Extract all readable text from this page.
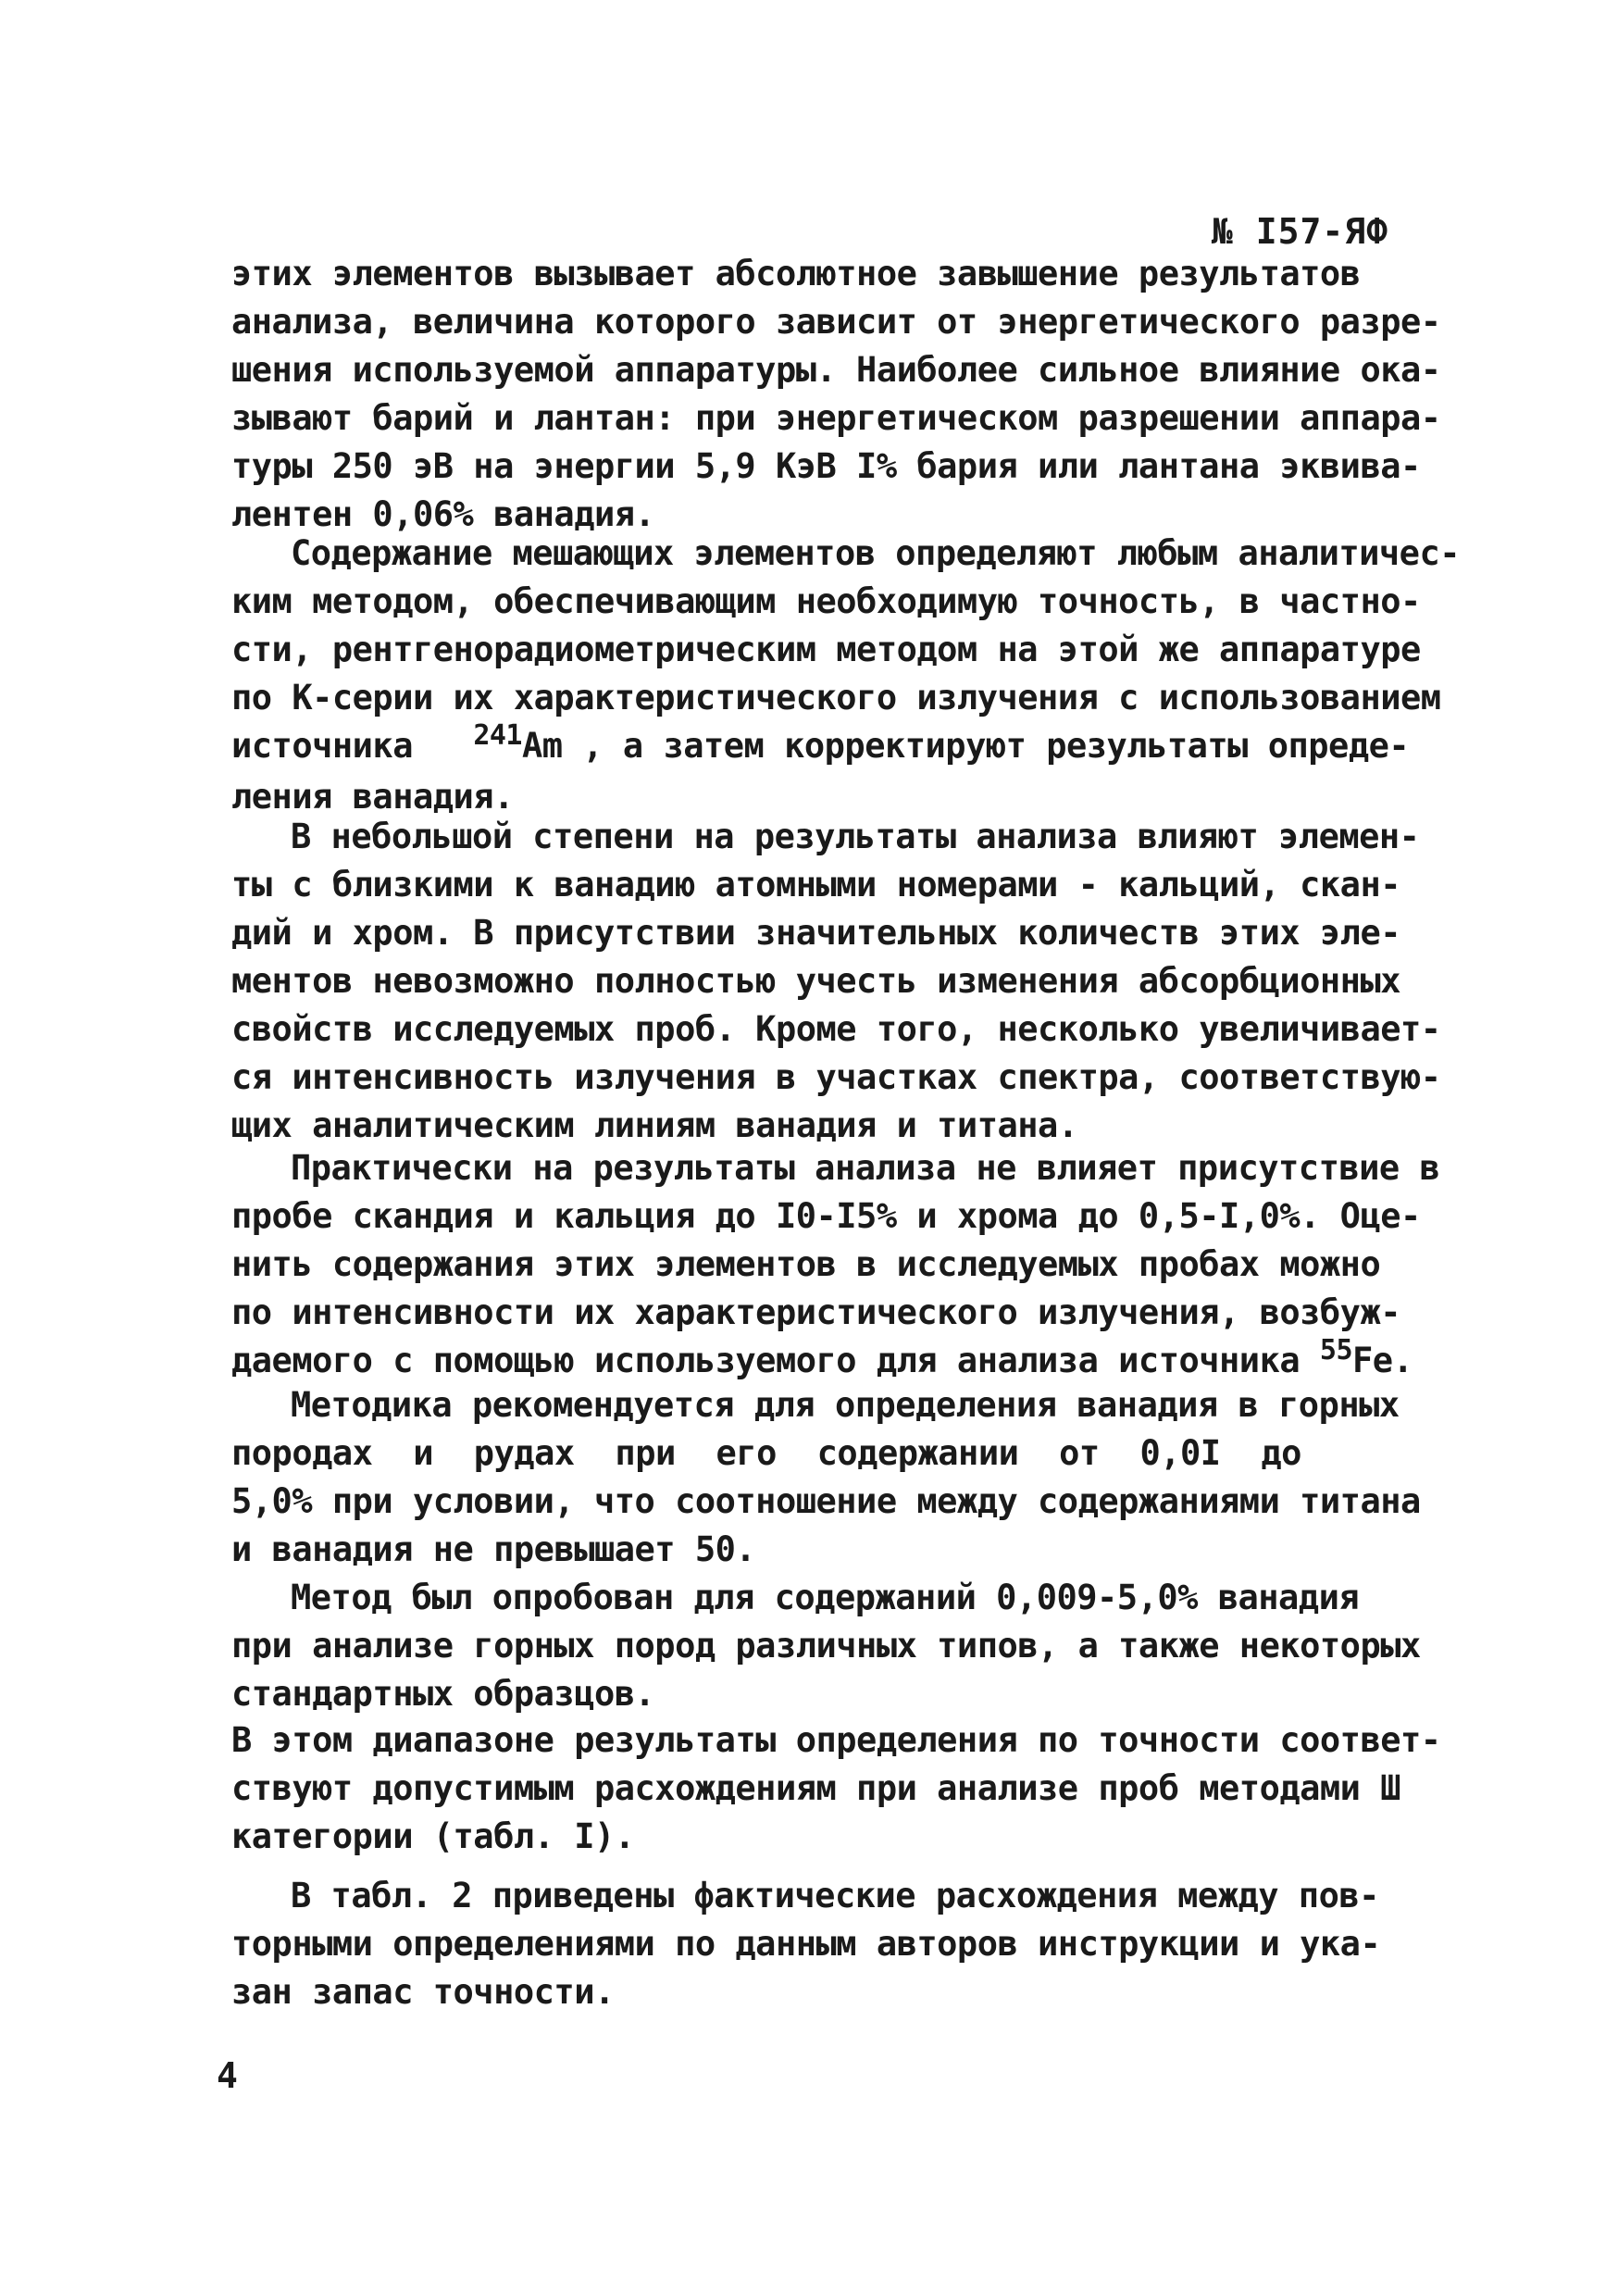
№ I57-ЯФ
этих элементов вызывает абсолютное завышение результатов
анализа, величина которого зависит от энергетического разре-
шения используемой аппаратуры. Наиболее сильное влияние ока-
зывают барий и лантан: при энергетическом разрешении аппара-
туры 250 эВ на энергии 5,9 КэВ I% бария или лантана эквива-
лентен 0,06% ванадия.
Содержание мешающих элементов определяют любым аналитичес-
ким методом, обеспечивающим необходимую точность, в частно-
сти, рентгенорадиометрическим методом на этой же аппаратуре
по К-серии их характеристического излучения с использованием
источника $^{241}$Am , а затем корректируют результаты опреде-
ления ванадия.
В небольшой степени на результаты анализа влияют элемен-
ты с близкими к ванадию атомными номерами - кальций, скан-
дий и хром. В присутствии значительных количеств этих эле-
ментов невозможно полностью учесть изменения абсорбционных
свойств исследуемых проб. Кроме того, несколько увеличивает-
ся интенсивность излучения в участках спектра, соответствую-
щих аналитическим линиям ванадия и титана.
Практически на результаты анализа не влияет присутствие в
пробе скандия и кальция до I0-I5% и хрома до 0,5-I,0%. Оце-
нить содержания этих элементов в исследуемых пробах можно
по интенсивности их характеристического излучения, возбуж-
даемого с помощью используемого для анализа источника $^{55}$Fe.
Методика рекомендуется для определения ванадия в горных
породах и рудах при его содержании от 0,0I до
5,0% при условии, что соотношение между содержаниями титана
и ванадия не превышает 50.
Метод был опробован для содержаний 0,009-5,0% ванадия
при анализе горных пород различных типов, а также некоторых
стандартных образцов.
В этом диапазоне результаты определения по точности соответ-
ствуют допустимым расхождениям при анализе проб методами Ш
категории (табл. I).
В табл. 2 приведены фактические расхождения между пов-
торными определениями по данным авторов инструкции и ука-
зан запас точности.
4
